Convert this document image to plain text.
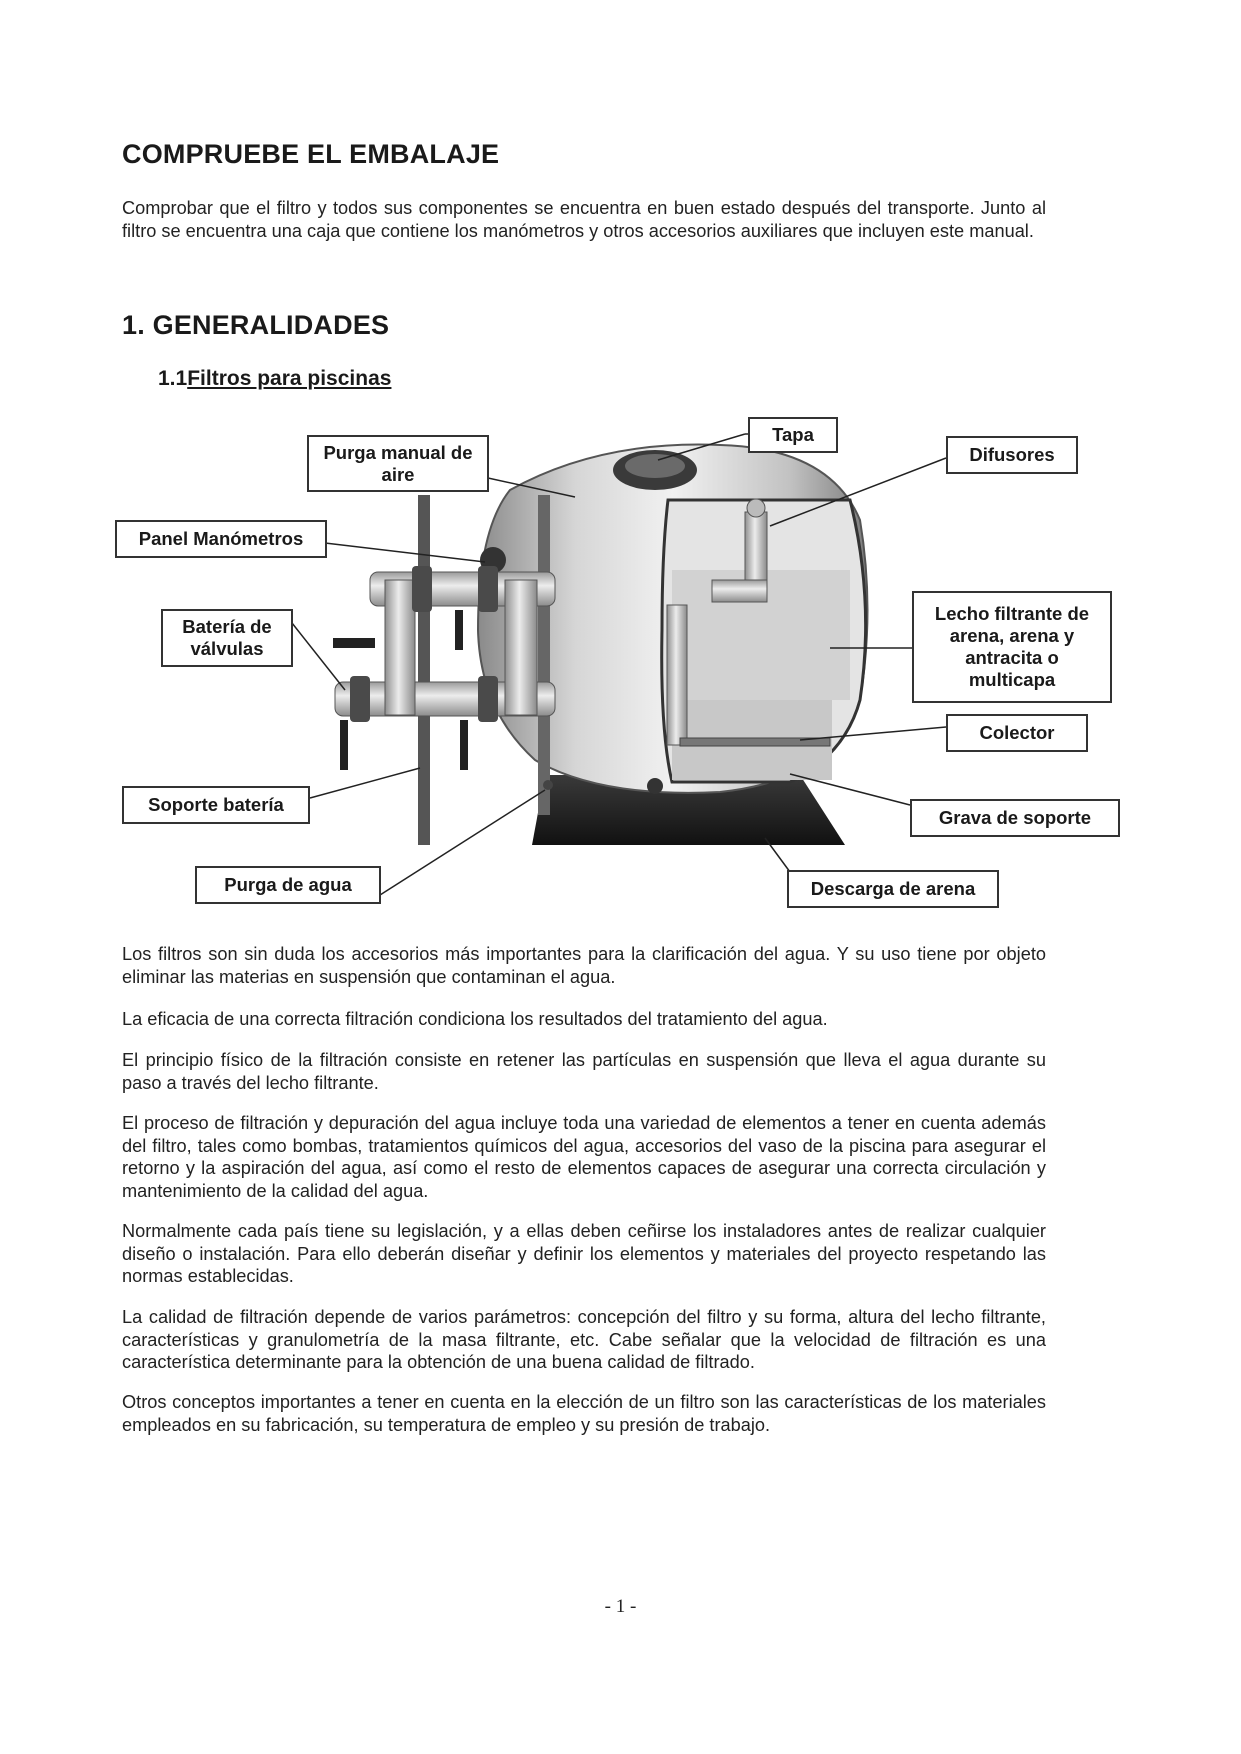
COMPRUEBE EL EMBALAJE

Comprobar que el filtro y todos sus componentes se encuentra en buen estado después del transporte. Junto al filtro se encuentra una caja que contiene los manómetros y otros accesorios auxiliares que incluyen este manual.

1. GENERALIDADES
1.1Filtros para piscinas
Purga manual de aire
Tapa
Difusores
Panel Manómetros
Batería de válvulas
Lecho filtrante de arena, arena y antracita o multicapa
Colector
Soporte batería
Grava de soporte
Purga de agua	Descarga de arena

Los filtros son sin duda los accesorios más importantes para la clarificación del agua. Y su uso tiene por objeto eliminar las materias en suspensión que contaminan el agua.

La eficacia de una correcta filtración condiciona los resultados del tratamiento del agua.

El principio físico de la filtración consiste en retener las partículas en suspensión que lleva el agua durante su paso a través del lecho filtrante.

El proceso de filtración y depuración del agua incluye toda una variedad de elementos a tener en cuenta además del filtro, tales como bombas, tratamientos químicos del agua, accesorios del vaso de la piscina para asegurar el retorno y la aspiración del agua, así como el resto de elementos capaces de asegurar una correcta circulación y mantenimiento de la calidad del agua.

Normalmente cada país tiene su legislación, y a ellas deben ceñirse los instaladores antes de realizar cualquier diseño o instalación. Para ello deberán diseñar y definir los elementos y materiales del proyecto respetando las normas establecidas.

La calidad de filtración depende de varios parámetros: concepción del filtro y su forma, altura del lecho filtrante, características y granulometría de la masa filtrante, etc. Cabe señalar que la velocidad de filtración es una característica determinante para la obtención de una buena calidad de filtrado.

Otros conceptos importantes a tener en cuenta en la elección de un filtro son las características de los materiales empleados en su fabricación, su temperatura de empleo y su presión de trabajo.

- 1 -
